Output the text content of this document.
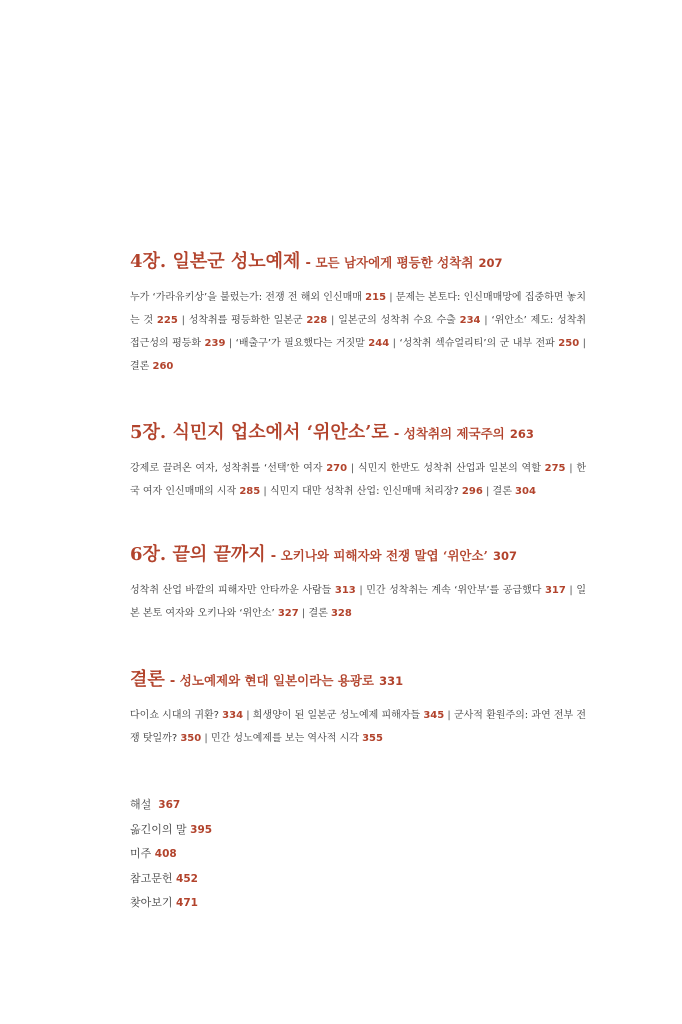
4장. 일본군 성노예제 - 모든 남자에게 평등한 성착취 207

누가 ‘가라유키상’을 불렀는가: 전쟁 전 해외 인신매매 215 | 문제는 본토다: 인신매매망에 집중하면 놓치는 것 225 | 성착취를 평등화한 일본군 228 | 일본군의 성착취 수요 수출 234 | ‘위안소’ 제도: 성착취 접근성의 평등화 239 | ‘배출구’가 필요했다는 거짓말 244 | ‘성착취 섹슈얼리티’의 군 내부 전파 250 | 결론 260

5장. 식민지 업소에서 ‘위안소’로 - 성착취의 제국주의 263

강제로 끌려온 여자, 성착취를 ‘선택’한 여자 270 | 식민지 한반도 성착취 산업과 일본의 역할 275 | 한국 여자 인신매매의 시작 285 | 식민지 대만 성착취 산업: 인신매매 처리장? 296 | 결론 304

6장. 끝의 끝까지 - 오키나와 피해자와 전쟁 말엽 ‘위안소’ 307

성착취 산업 바깥의 피해자만 안타까운 사람들 313 | 민간 성착취는 계속 ‘위안부’를 공급했다 317 | 일본 본토 여자와 오키나와 ‘위안소’ 327 | 결론 328

결론 - 성노예제와 현대 일본이라는 용광로 331

다이쇼 시대의 귀환? 334 | 희생양이 된 일본군 성노예제 피해자들 345 | 군사적 환원주의: 과연 전부 전쟁 탓일까? 350 | 민간 성노예제를 보는 역사적 시각 355

해설 367
옮긴이의 말 395
미주 408
참고문헌 452
찾아보기 471
